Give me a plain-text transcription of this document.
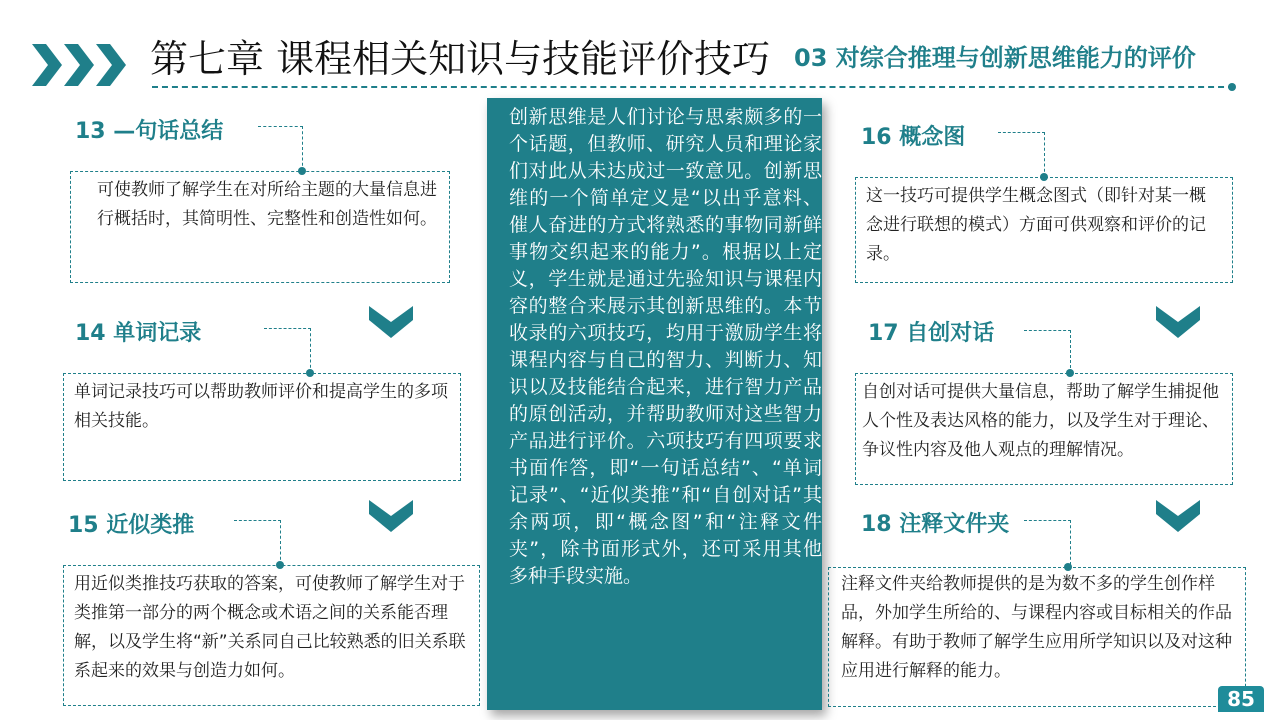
第七章 课程相关知识与技能评价技巧 03 对综合推理与创新思维能力的评价
13 —句话总结
可使教师了解学生在对所给主题的大量信息进行概括时，其简明性、完整性和创造性如何。
14 单词记录
单词记录技巧可以帮助教师评价和提高学生的多项相关技能。
15 近似类推
用近似类推技巧获取的答案，可使教师了解学生对于类推第一部分的两个概念或术语之间的关系能否理解，以及学生将“新”关系同自己比较熟悉的旧关系联系起来的效果与创造力如何。
创新思维是人们讨论与思索颇多的一个话题，但教师、研究人员和理论家们对此从未达成过一致意见。创新思维的一个简单定义是“以出乎意料、催人奋进的方式将熟悉的事物同新鲜事物交织起来的能力”。根据以上定义，学生就是通过先验知识与课程内容的整合来展示其创新思维的。本节收录的六项技巧，均用于激励学生将课程内容与自己的智力、判断力、知识以及技能结合起来，进行智力产品的原创活动，并帮助教师对这些智力产品进行评价。六项技巧有四项要求书面作答，即“一句话总结”、“单词记录”、“近似类推”和“自创对话”其余两项，即“概念图”和“注释文件夹”，除书面形式外，还可采用其他多种手段实施。
16 概念图
这一技巧可提供学生概念图式（即针对某一概念进行联想的模式）方面可供观察和评价的记录。
17 自创对话
自创对话可提供大量信息，帮助了解学生捕捉他人个性及表达风格的能力，以及学生对于理论、争议性内容及他人观点的理解情况。
18 注释文件夹
注释文件夹给教师提供的是为数不多的学生创作样品，外加学生所给的、与课程内容或目标相关的作品解释。有助于教师了解学生应用所学知识以及对这种应用进行解释的能力。
85
